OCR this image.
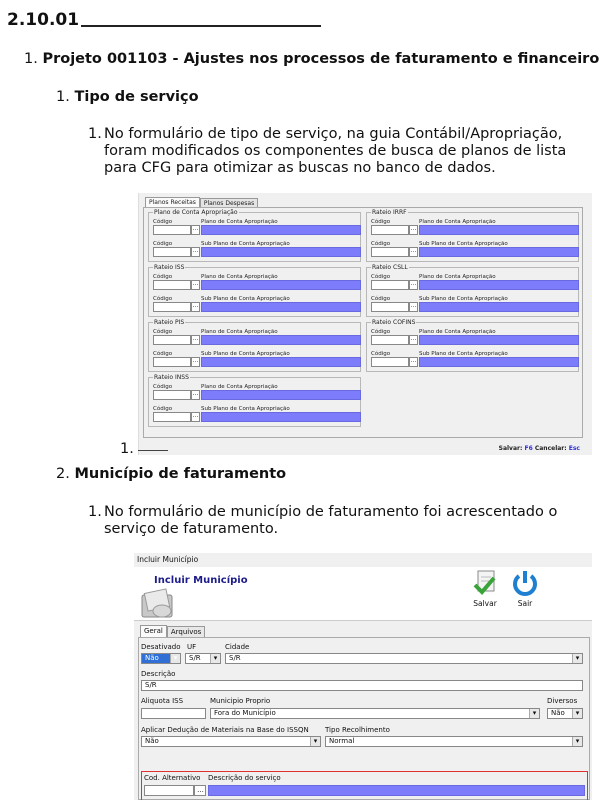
2.10.01
1. Projeto 001103 - Ajustes nos processos de faturamento e financeiro
1. Tipo de serviço
1. No formulário de tipo de serviço, na guia Contábil/Apropriação, foram modificados os componentes de busca de planos de lista para CFG para otimizar as buscas no banco de dados.
Planos Receitas	Planos Despesas
Plano de Conta Apropriação
Código	Plano de Conta Apropriação
...
Código	Sub Plano de Conta Apropriação
...
Rateio IRRF
Código	Plano de Conta Apropriação
...
Código	Sub Plano de Conta Apropriação
...
Rateio ISS
Código	Plano de Conta Apropriação
...
Código	Sub Plano de Conta Apropriação
...
Rateio CSLL
Código	Plano de Conta Apropriação
...
Código	Sub Plano de Conta Apropriação
...
Rateio PIS
Código	Plano de Conta Apropriação
...
Código	Sub Plano de Conta Apropriação
...
Rateio COFINS
Código	Plano de Conta Apropriação
...
Código	Sub Plano de Conta Apropriação
...
Rateio INSS
Código	Plano de Conta Apropriação
...
Código	Sub Plano de Conta Apropriação
...
Salvar: F6 Cancelar: Esc
1.
2. Município de faturamento
1. No formulário de município de faturamento foi acrescentado o serviço de faturamento.
Incluir Município
Incluir Município
Salvar	Sair
Geral	Arquivos
Desativado UF	Cidade
Não ▾	S/R ▾	S/R ▾
Descrição
S/R
Aliquota ISS	Municipio Proprio	Diversos
Fora do Município ▾	Não ▾
Aplicar Dedução de Materiais na Base do ISSQN Tipo Recolhimento
Não ▾	Normal ▾
Cod. Alternativo Descrição do serviço
...
